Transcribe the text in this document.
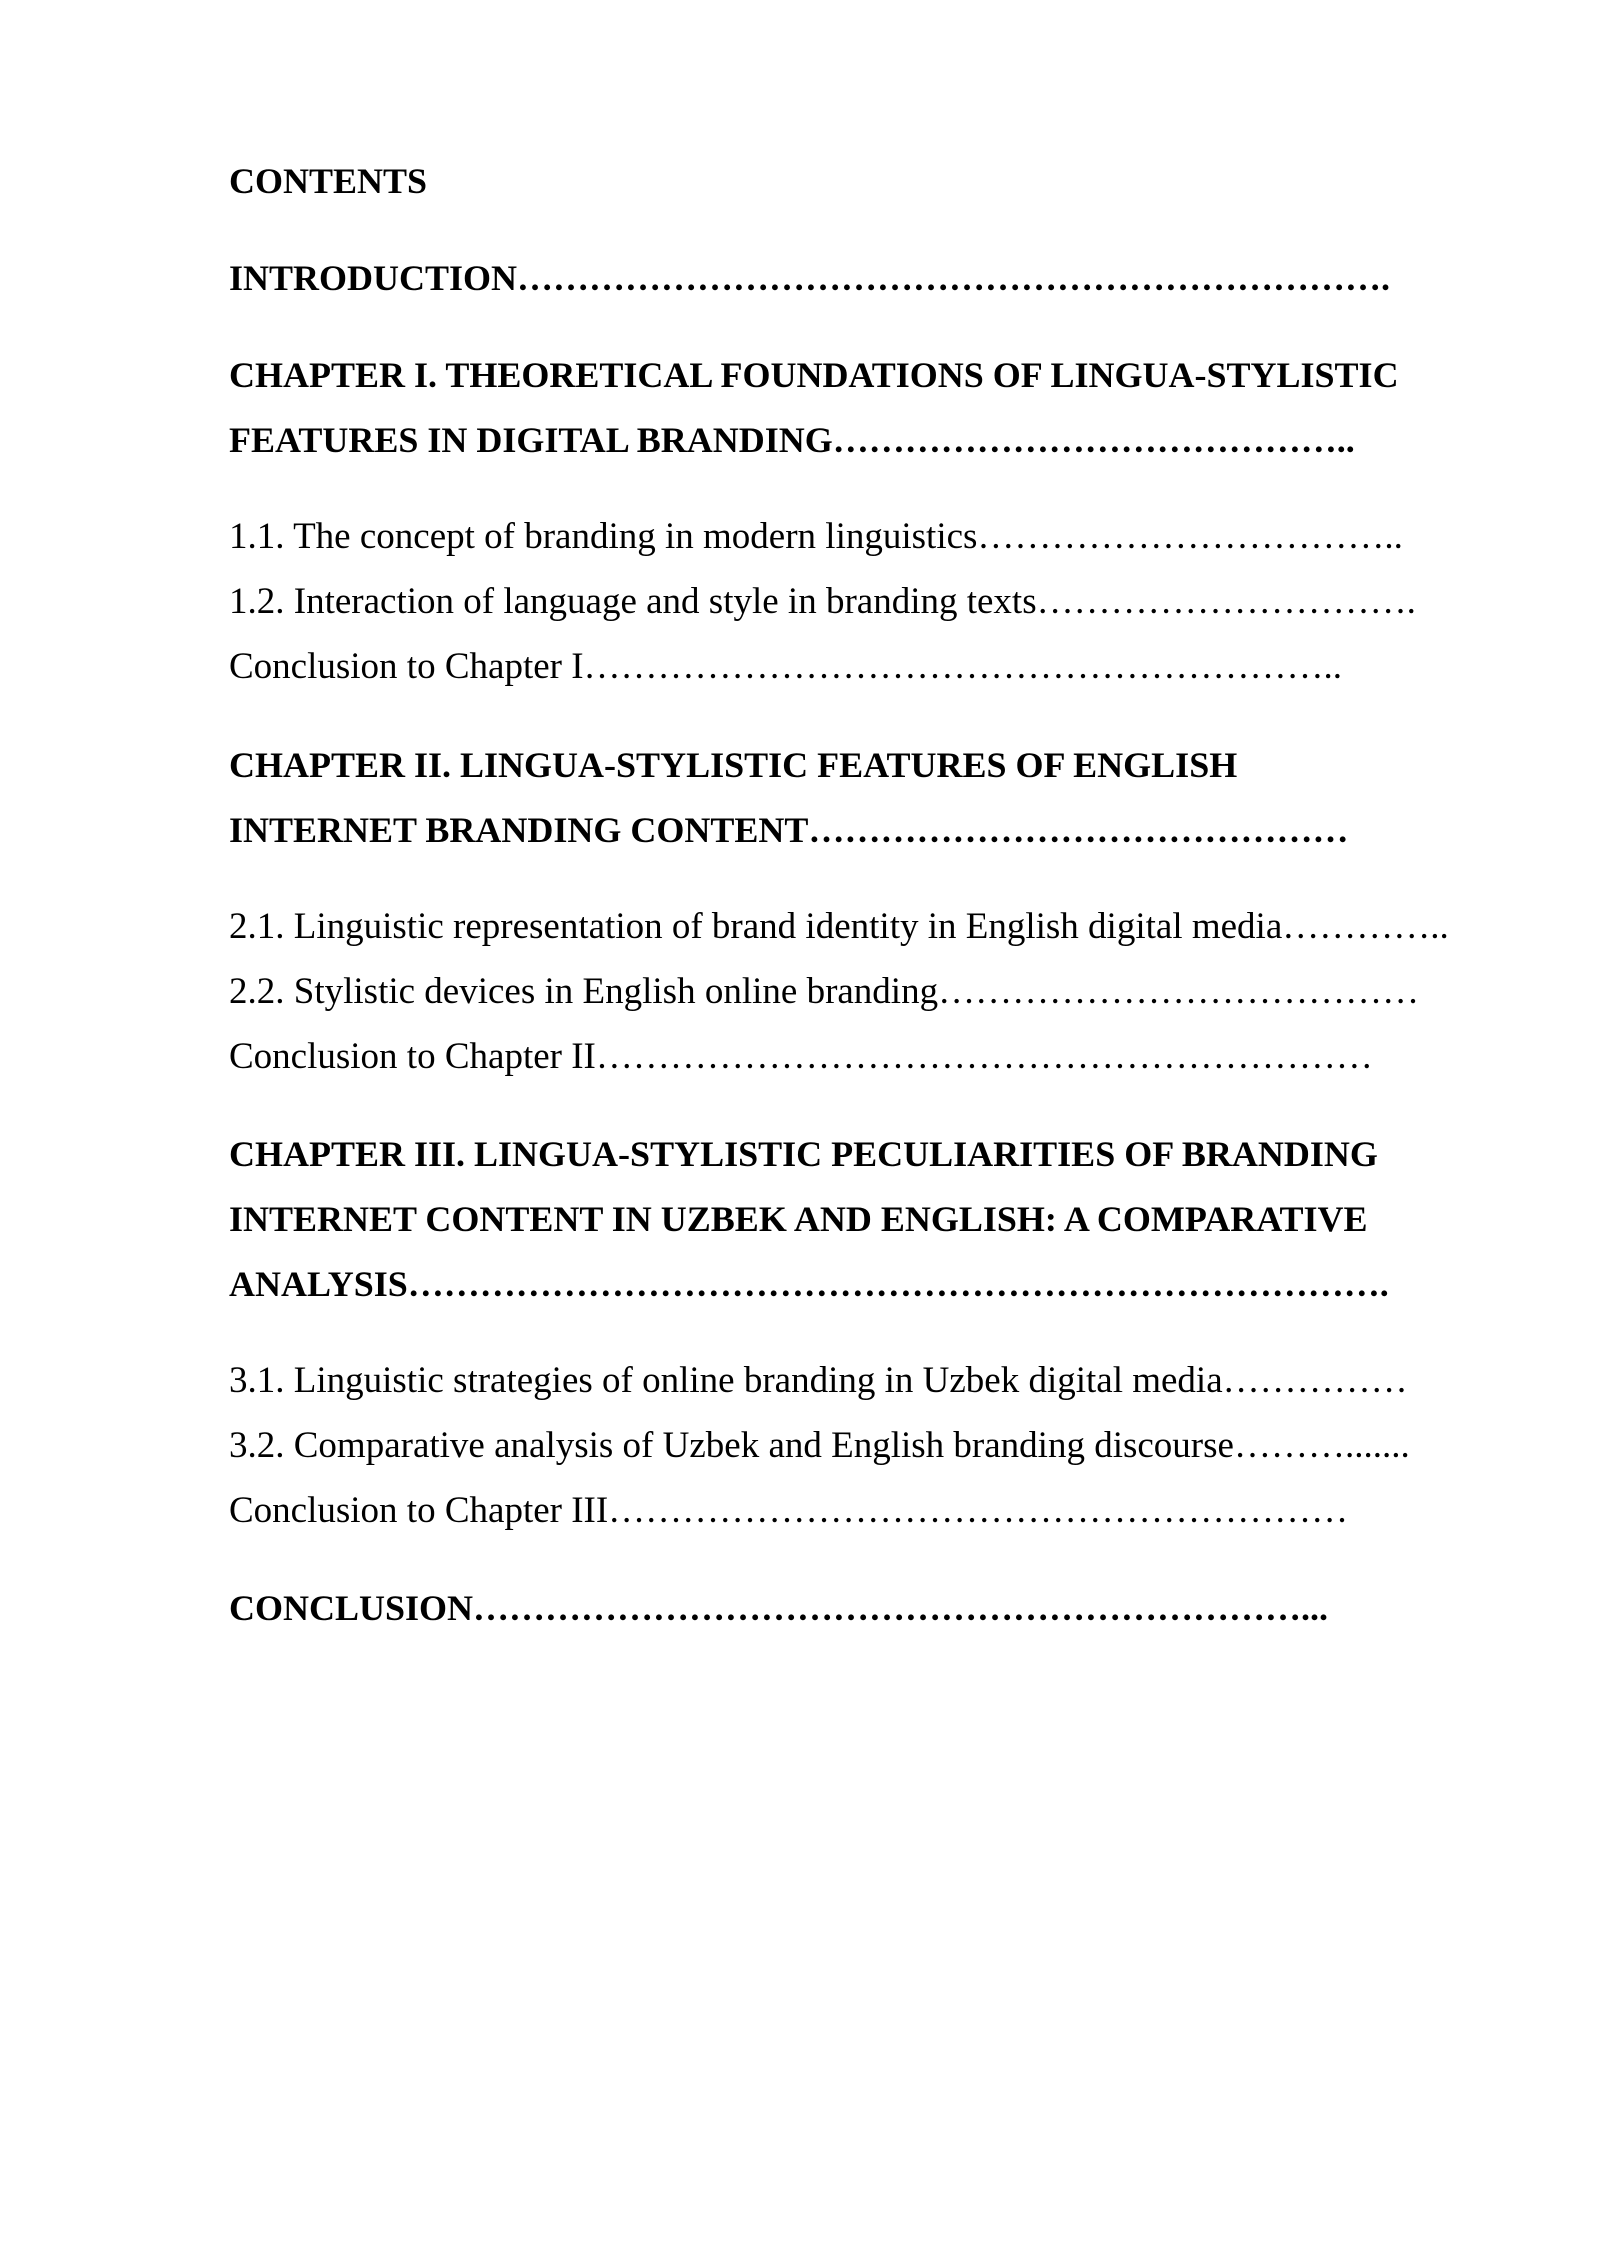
CONTENTS
INTRODUCTION……………………………………………………………….
CHAPTER I. THEORETICAL FOUNDATIONS OF LINGUA-STYLISTIC
FEATURES IN DIGITAL BRANDING……………………………………..
1.1. The concept of branding in modern linguistics……………………………..
1.2. Interaction of language and style in branding texts………………………….
Conclusion to Chapter I……………………………………………………..
CHAPTER II. LINGUA-STYLISTIC FEATURES OF ENGLISH
INTERNET BRANDING CONTENT………………………………………
2.1. Linguistic representation of brand identity in English digital media…………..
2.2. Stylistic devices in English online branding…………………………………
Conclusion to Chapter II………………………………………………………
CHAPTER III. LINGUA-STYLISTIC PECULIARITIES OF BRANDING
INTERNET CONTENT IN UZBEK AND ENGLISH: A COMPARATIVE
ANALYSIS……………………………………………………………………….
3.1. Linguistic strategies of online branding in Uzbek digital media……………
3.2. Comparative analysis of Uzbek and English branding discourse……….......
Conclusion to Chapter III……………………………………………………
CONCLUSION……………………………………………………………...
